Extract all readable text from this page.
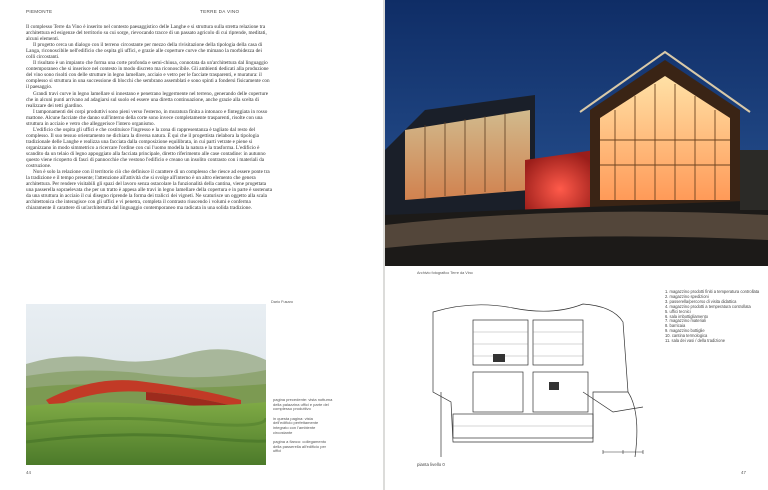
PIEMONTE

Il complesso Terre da Vino è inserito nel contesto paesaggistico delle Langhe e si struttura sulla stretta relazione tra architettura ed esigenze del territorio su cui sorge, rievocando tracce di un passato agricolo di cui riprende, meditati, alcuni elementi.

Il progetto cerca un dialogo con il terreno circostante per mezzo della rivisitazione della tipologia della casa di Langa, riconoscibile nell'edificio che ospita gli uffici, e grazie alle coperture curve che mimano la morbidezza dei colli circostanti.

Il risultato è un impianto che forma una corte profonda e semi-chiusa, connotata da un'architettura dal linguaggio contemporaneo che si inserisce nel contesto in modo discreto ma riconoscibile. Gli ambienti dedicati alla produzione del vino sono risolti con delle strutture in legno lamellare, acciaio e vetro per le facciate trasparenti, e muratura: il complesso si struttura in una successione di blocchi che sembrano assemblati e sono spinti a fondersi fisicamente con il paesaggio.

Grandi travi curve in legno lamellare si innestano e penetrano leggermente nel terreno, generando delle coperture che in alcuni punti arrivano ad adagiarsi sul suolo ed essere una diretta continuazione, anche grazie alla scelta di realizzare dei tetti giardino.

I tamponamenti dei corpi produttivi sono pieni verso l'esterno, in muratura finita a intonaco e finteggiata in rosso mattone. Alcune facciate che danno sull'interno della corte sono invece completamente trasparenti, risolte con una struttura in acciaio e vetro che alleggerisce l'intero organismo.

L'edificio che ospita gli uffici e che costituisce l'ingresso e la zona di rappresentanza è tagliato dal resto del complesso. Il suo tessuo orientamento ne dichiara la diversa natura. È qui che il progettista rielabora la tipologia tradizionale delle Langhe e realizza una facciata dalla composizione equilibrata, in cui parti vetrate e piene si organizzano in modo simmetrico a ricercare l'ordine con cui l'uomo modella la natura e la trasforma. L'edificio è scandito da un telaio di legno appoggiato alla facciata principale, diretto riferimento alle case contadine: in autunno questo viene ricoperto di fasci di pannocchie che vestono l'edificio e creano un insolito contrasto con i materiali da costruzione.

Non è solo la relazione con il territorio ciò che definisce il carattere di un complesso che riesce ad essere ponte tra la tradizione e il tempo presente; l'attenzione all'attività che si svolge all'interno è un altro elemento che genera architettura. Per rendere visitabili gli spazi del lavoro senza ostacolare la funzionalità della cantina, viene progettata una passerella sopraelevata che per un tratto è appesa alle travi in legno lamellare della copertura e in parte è sostenuta da una struttura in acciaio il cui disegno riprende la forma dei tralicci dei vigneti. Ne scaturisce un oggetto alla scala architettonica che interagisce con gli uffici e vi penetra, completa il contrasto riuscendo i volumi e conferma chiaramente il carattere di un'architettura dal linguaggio contemporaneo ma radicata in una solida tradizione.

Dario Fusaro

pagina precedente: vista notturna della palazzina uffici e parte del complesso produttivo

in questa pagina: vista dell'edificio perfettamente integrato con l'ambiente circostante

pagina a fianco: collegamento della passerella all'edificio per uffici

44
Archivio fotografico Terre da Vino
pianta livello 0
1. magazzino prodotti finiti a temperatura controllata
2. magazzino spedizioni
3. passerella/percorso di visita didattica
4. magazzino prodotti a temperatura controllata
5. uffici tecnici
6. sala imbottigliamento
7. magazzino materiali
8. barricaia
9. magazzino bottiglie
10. cantina termologica
11. sala dei vasi / della tradizione
47
TERRE DA VINO
